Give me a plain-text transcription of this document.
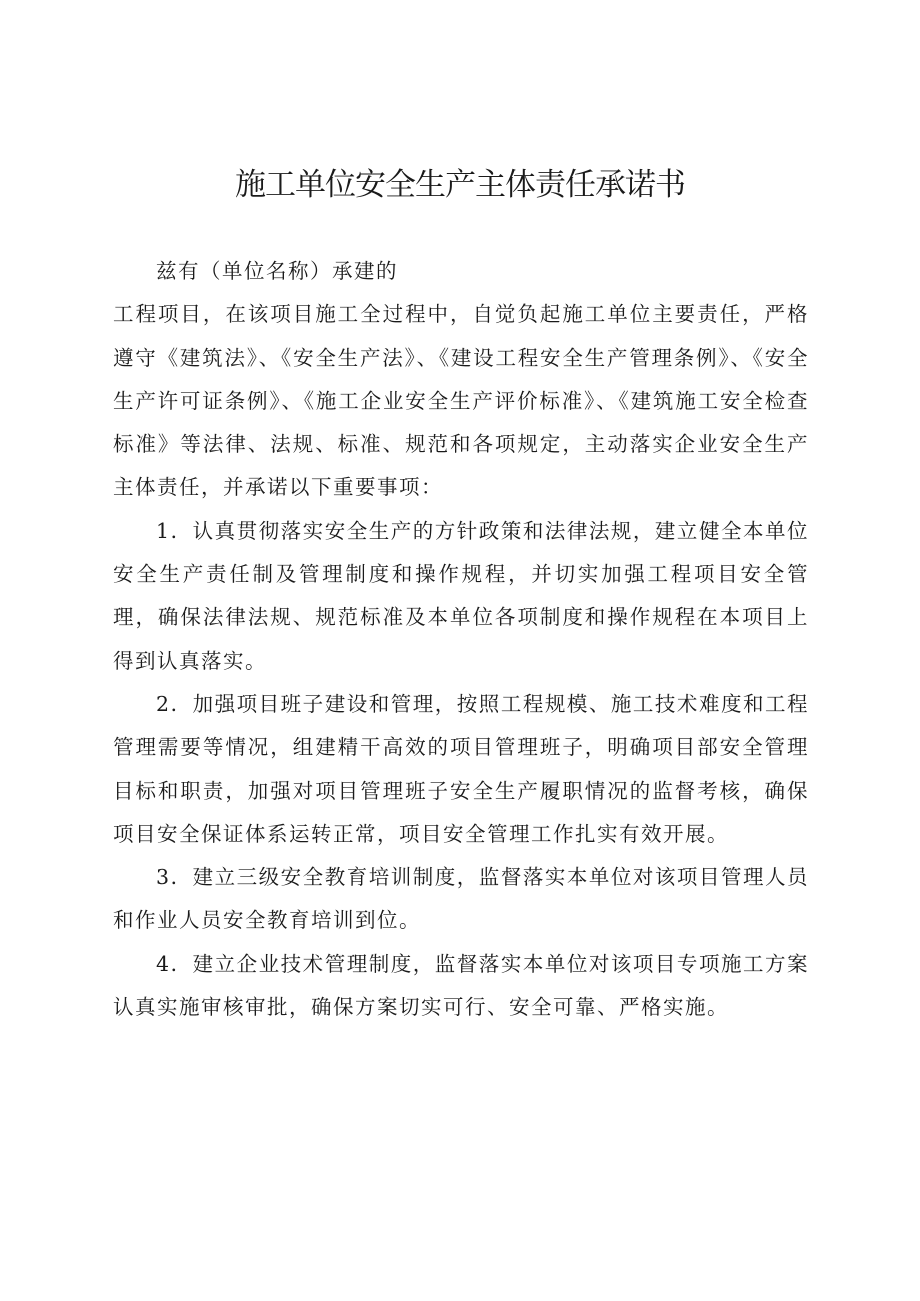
施工单位安全生产主体责任承诺书

兹有（单位名称）承建的

工程项目，在该项目施工全过程中，自觉负起施工单位主要责任，严格遵守《建筑法》、《安全生产法》、《建设工程安全生产管理条例》、《安全生产许可证条例》、《施工企业安全生产评价标准》、《建筑施工安全检查标准》等法律、法规、标准、规范和各项规定，主动落实企业安全生产主体责任，并承诺以下重要事项：

1．认真贯彻落实安全生产的方针政策和法律法规，建立健全本单位安全生产责任制及管理制度和操作规程，并切实加强工程项目安全管理，确保法律法规、规范标准及本单位各项制度和操作规程在本项目上得到认真落实。

2．加强项目班子建设和管理，按照工程规模、施工技术难度和工程管理需要等情况，组建精干高效的项目管理班子，明确项目部安全管理目标和职责，加强对项目管理班子安全生产履职情况的监督考核，确保项目安全保证体系运转正常，项目安全管理工作扎实有效开展。

3．建立三级安全教育培训制度，监督落实本单位对该项目管理人员和作业人员安全教育培训到位。

4．建立企业技术管理制度，监督落实本单位对该项目专项施工方案认真实施审核审批，确保方案切实可行、安全可靠、严格实施。
